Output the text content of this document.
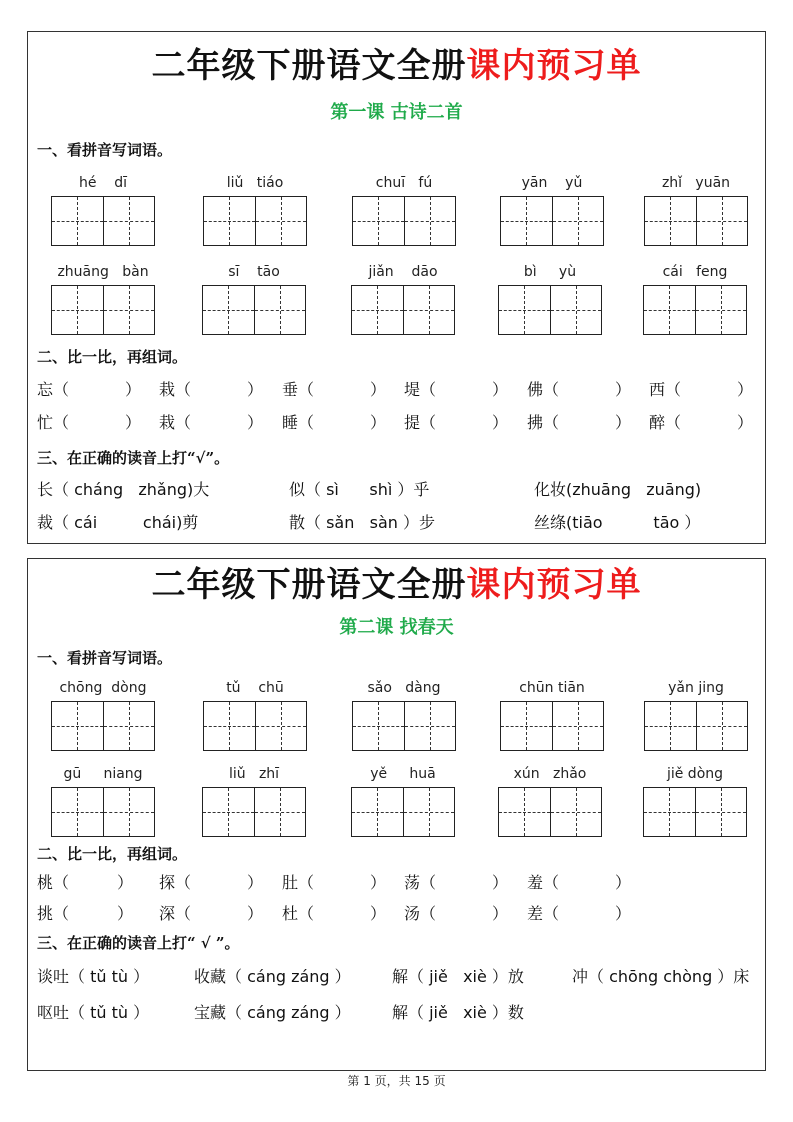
二年级下册语文全册课内预习单
第一课 古诗二首
一、看拼音写词语。
hé    dī	liǔ   tiáo	chuī   fú	yān    yǔ	zhǐ   yuān
zhuāng   bàn	sī    tāo	jiǎn    dāo	bì     yù	cái   feng
二、比一比，再组词。
忘（	） 栽（	） 垂（	） 堤（	） 佛（	） 西（	）
忙（	） 栽（	） 睡（	） 提（	） 拂（	） 醉（	）
三、在正确的读音上打“√”。
长（ cháng   zhǎng)大	似（ sì      shì ）乎	化妆(zhuāng   zuāng)
裁（ cái         chái)剪	散（ sǎn   sàn ）步	丝绦(tiāo          tāo ）
二年级下册语文全册课内预习单
第二课 找春天
一、看拼音写词语。
chōng  dòng	tǔ    chū	sǎo   dàng	chūn tiān	yǎn jing
gū     niang	liǔ   zhī	yě     huā	xún   zhǎo	jiě dòng
二、比一比，再组词。
桃（	） 探（	） 肚（	） 荡（	） 羞（	）
挑（	） 深（	） 杜（	） 汤（	） 差（	）
三、在正确的读音上打“ √ ”。
谈吐（ tǔ tù ）	收藏（ cáng záng ）	解（ jiě   xiè ）放	冲（ chōng chòng ）床
呕吐（ tǔ tù ）	宝藏（ cáng záng ）	解（ jiě   xiè ）数
第 1 页，共 15 页
